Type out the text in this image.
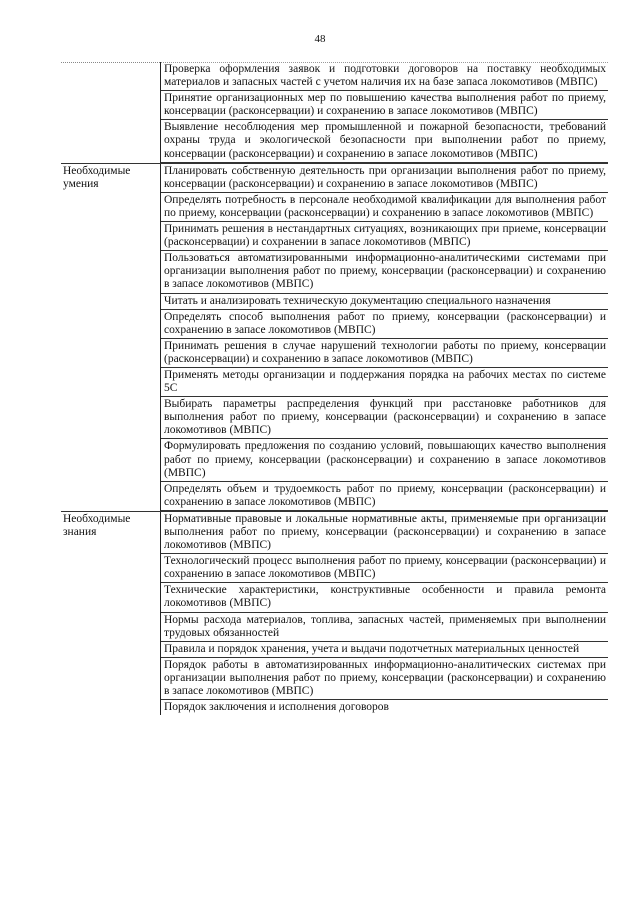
48
Проверка оформления заявок и подготовки договоров на поставку необходимых материалов и запасных частей с учетом наличия их на базе запаса локомотивов (МВПС)
Принятие организационных мер по повышению качества выполнения работ по приему, консервации (расконсервации) и сохранению в запасе локомотивов (МВПС)
Выявление несоблюдения мер промышленной и пожарной безопасности, требований охраны труда и экологической безопасности при выполнении работ по приему, консервации (расконсервации) и сохранению в запасе локомотивов (МВПС)
Необходимые умения
Планировать собственную деятельность при организации выполнения работ по приему, консервации (расконсервации) и сохранению в запасе локомотивов (МВПС)
Определять потребность в персонале необходимой квалификации для выполнения работ по приему, консервации (расконсервации) и сохранению в запасе локомотивов (МВПС)
Принимать решения в нестандартных ситуациях, возникающих при приеме, консервации (расконсервации) и сохранении в запасе локомотивов (МВПС)
Пользоваться автоматизированными информационно-аналитическими системами при организации выполнения работ по приему, консервации (расконсервации) и сохранению в запасе локомотивов (МВПС)
Читать и анализировать техническую документацию специального назначения
Определять способ выполнения работ по приему, консервации (расконсервации) и сохранению в запасе локомотивов (МВПС)
Принимать решения в случае нарушений технологии работы по приему, консервации (расконсервации) и сохранению в запасе локомотивов (МВПС)
Применять методы организации и поддержания порядка на рабочих местах по системе 5С
Выбирать параметры распределения функций при расстановке работников для выполнения работ по приему, консервации (расконсервации) и сохранению в запасе локомотивов (МВПС)
Формулировать предложения по созданию условий, повышающих качество выполнения работ по приему, консервации (расконсервации) и сохранению в запасе локомотивов (МВПС)
Определять объем и трудоемкость работ по приему, консервации (расконсервации) и сохранению в запасе локомотивов (МВПС)
Необходимые знания
Нормативные правовые и локальные нормативные акты, применяемые при организации выполнения работ по приему, консервации (расконсервации) и сохранению в запасе локомотивов (МВПС)
Технологический процесс выполнения работ по приему, консервации (расконсервации) и сохранению в запасе локомотивов (МВПС)
Технические характеристики, конструктивные особенности и правила ремонта локомотивов (МВПС)
Нормы расхода материалов, топлива, запасных частей, применяемых при выполнении трудовых обязанностей
Правила и порядок хранения, учета и выдачи подотчетных материальных ценностей
Порядок работы в автоматизированных информационно-аналитических системах при организации выполнения работ по приему, консервации (расконсервации) и сохранению в запасе локомотивов (МВПС)
Порядок заключения и исполнения договоров
